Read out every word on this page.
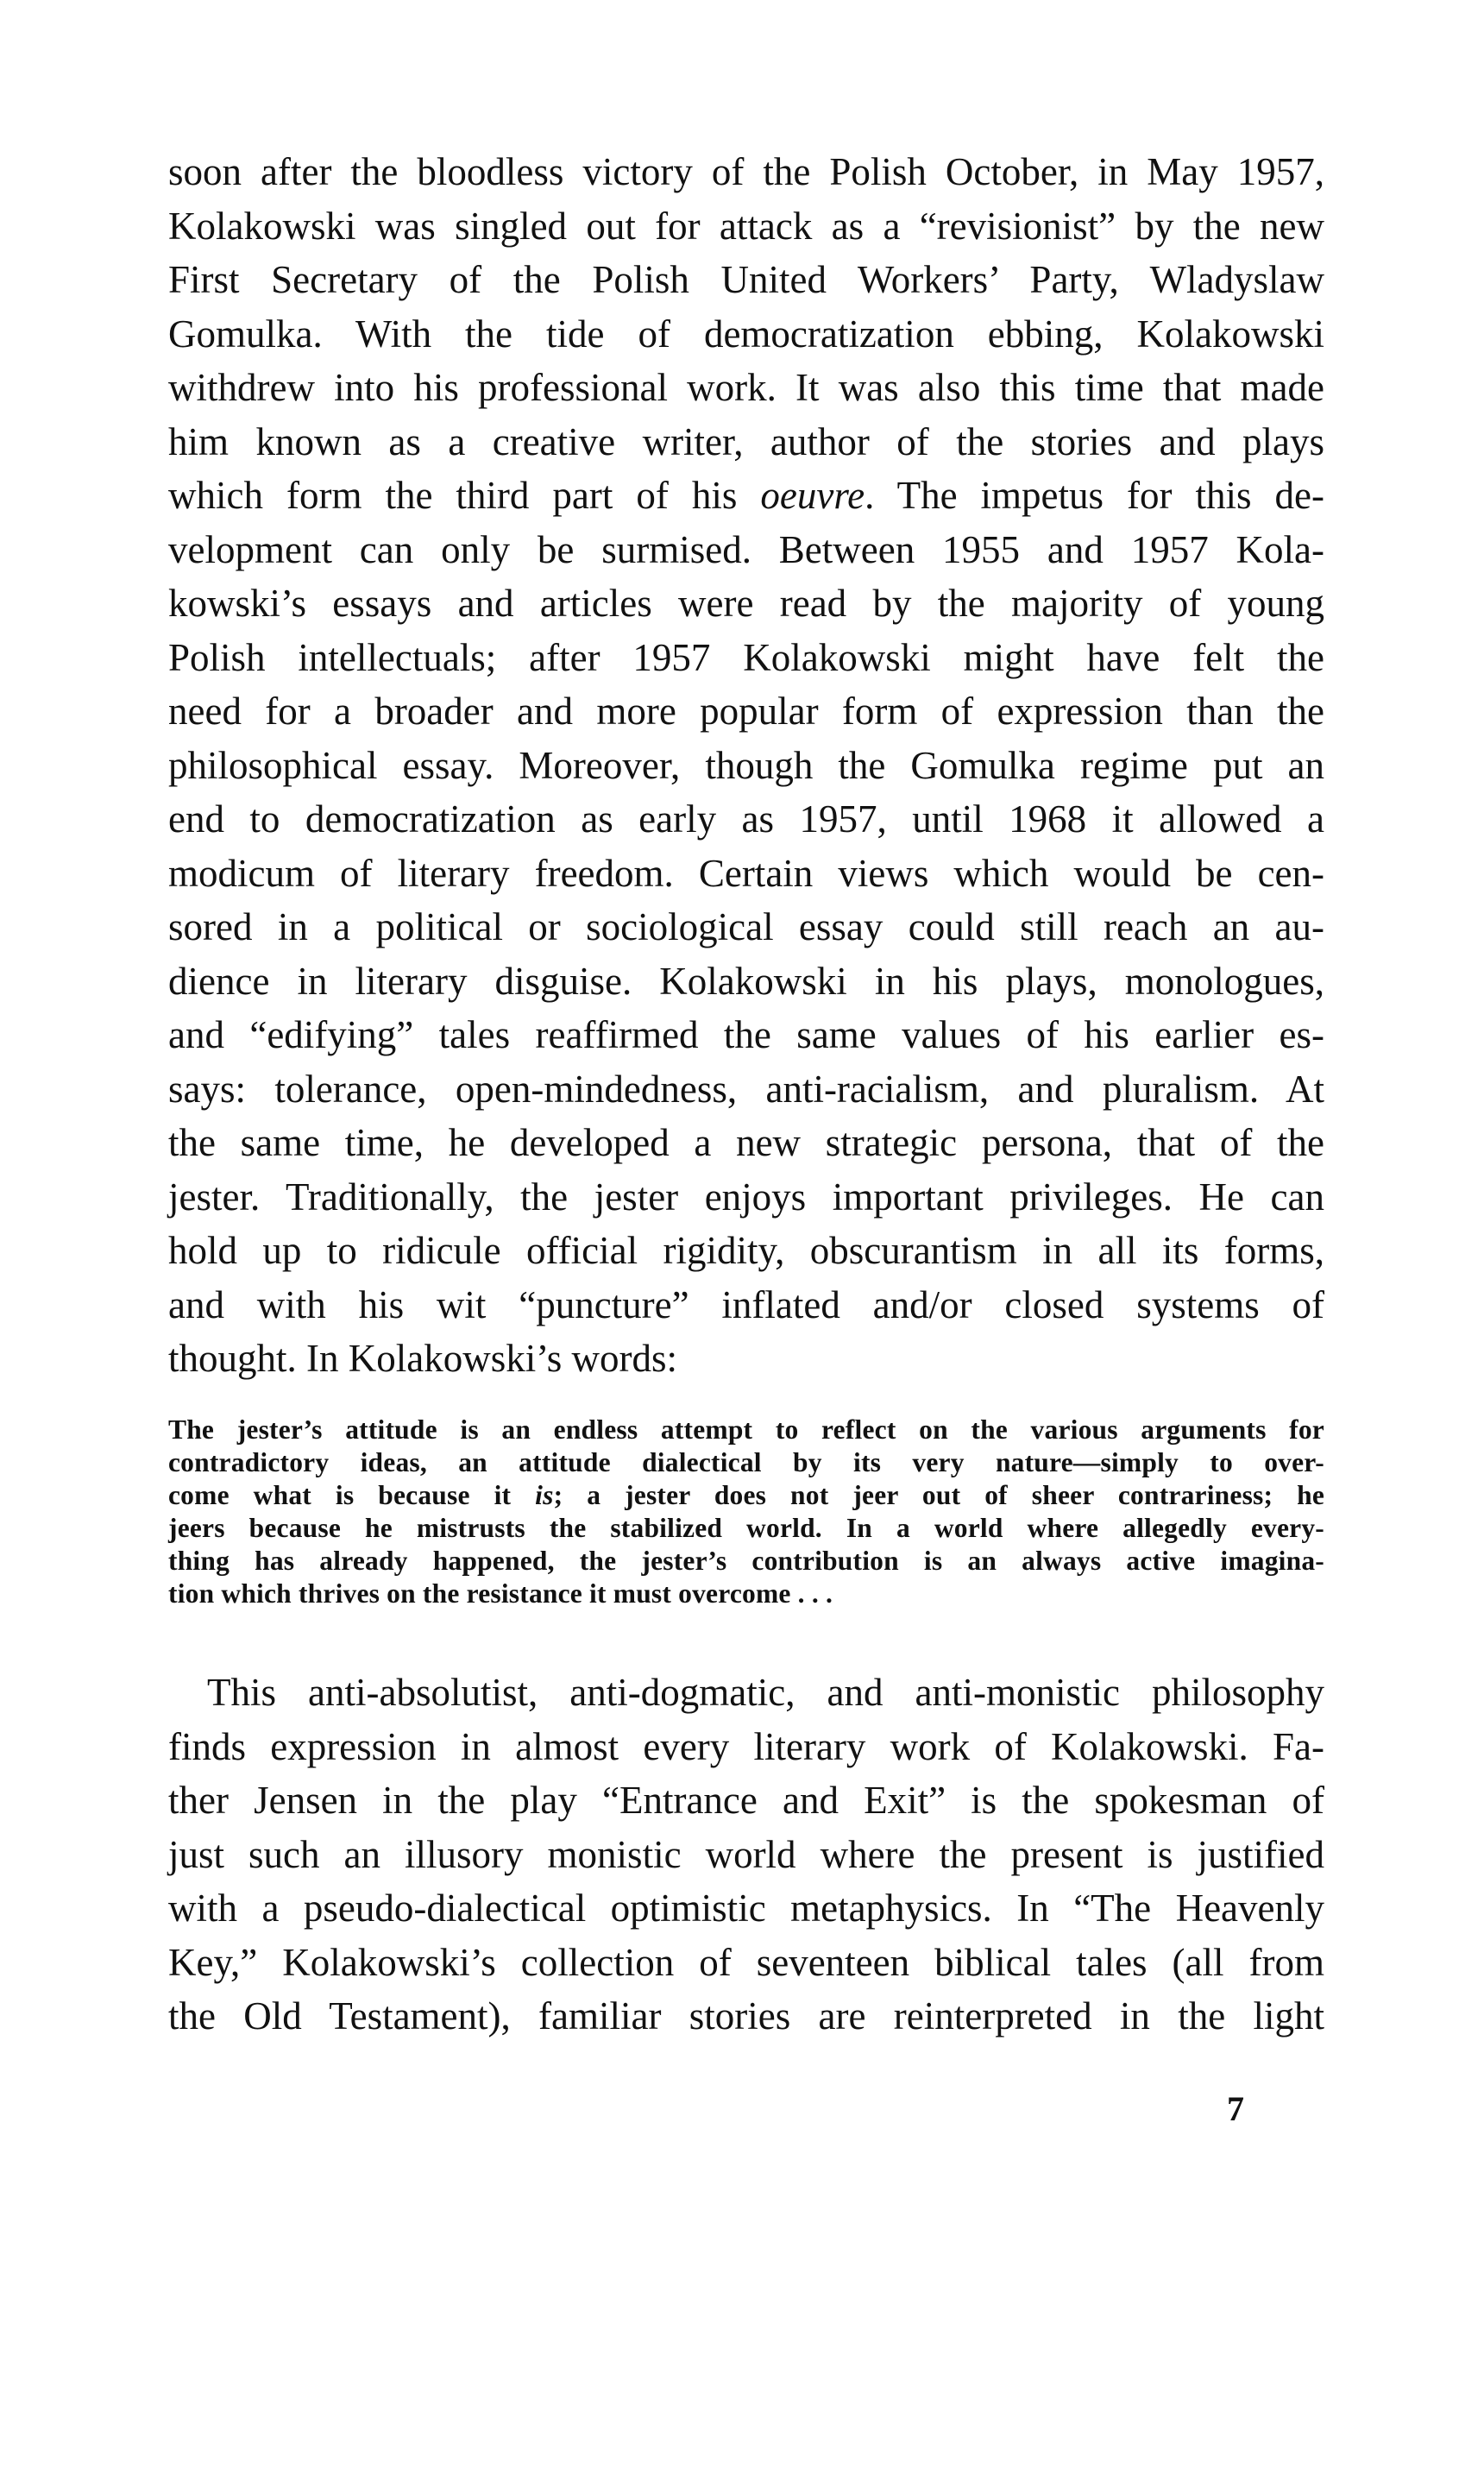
soon after the bloodless victory of the Polish October, in May 1957,
Kolakowski was singled out for attack as a “revisionist” by the new
First Secretary of the Polish United Workers’ Party, Wladyslaw
Gomulka. With the tide of democratization ebbing, Kolakowski
withdrew into his professional work. It was also this time that made
him known as a creative writer, author of the stories and plays
which form the third part of his oeuvre. The impetus for this de-
velopment can only be surmised. Between 1955 and 1957 Kola-
kowski’s essays and articles were read by the majority of young
Polish intellectuals; after 1957 Kolakowski might have felt the
need for a broader and more popular form of expression than the
philosophical essay. Moreover, though the Gomulka regime put an
end to democratization as early as 1957, until 1968 it allowed a
modicum of literary freedom. Certain views which would be cen-
sored in a political or sociological essay could still reach an au-
dience in literary disguise. Kolakowski in his plays, monologues,
and “edifying” tales reaffirmed the same values of his earlier es-
says: tolerance, open-mindedness, anti-racialism, and pluralism. At
the same time, he developed a new strategic persona, that of the
jester. Traditionally, the jester enjoys important privileges. He can
hold up to ridicule official rigidity, obscurantism in all its forms,
and with his wit “puncture” inflated and/or closed systems of
thought. In Kolakowski’s words:
The jester’s attitude is an endless attempt to reflect on the various arguments for
contradictory ideas, an attitude dialectical by its very nature—simply to over-
come what is because it is; a jester does not jeer out of sheer contrariness; he
jeers because he mistrusts the stabilized world. In a world where allegedly every-
thing has already happened, the jester’s contribution is an always active imagina-
tion which thrives on the resistance it must overcome . . .
This anti-absolutist, anti-dogmatic, and anti-monistic philosophy
finds expression in almost every literary work of Kolakowski. Fa-
ther Jensen in the play “Entrance and Exit” is the spokesman of
just such an illusory monistic world where the present is justified
with a pseudo-dialectical optimistic metaphysics. In “The Heavenly
Key,” Kolakowski’s collection of seventeen biblical tales (all from
the Old Testament), familiar stories are reinterpreted in the light
7
